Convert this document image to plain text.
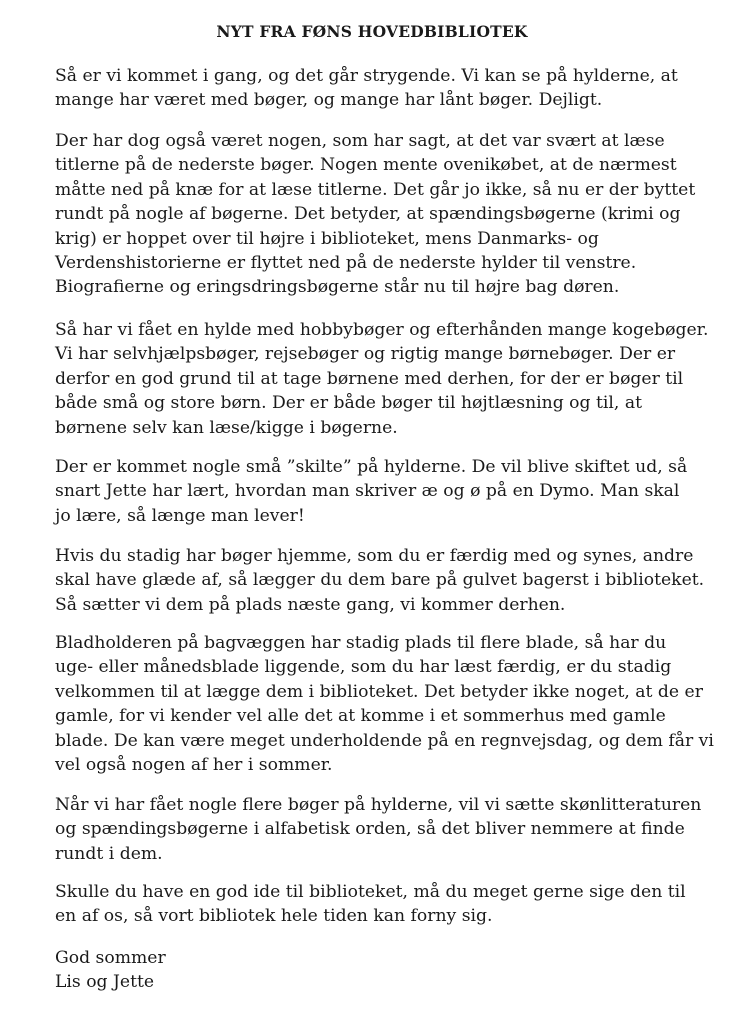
NYT FRA FØNS HOVEDBIBLIOTEK

Så er vi kommet i gang, og det går strygende. Vi kan se på hylderne, at
mange har været med bøger, og mange har lånt bøger. Dejligt.

Der har dog også været nogen, som har sagt, at det var svært at læse
titlerne på de nederste bøger. Nogen mente ovenikøbet, at de nærmest
måtte ned på knæ for at læse titlerne. Det går jo ikke, så nu er der byttet
rundt på nogle af bøgerne. Det betyder, at spændingsbøgerne (krimi og
krig) er hoppet over til højre i biblioteket, mens Danmarks- og
Verdenshistorierne er flyttet ned på de nederste hylder til venstre.
Biografierne og eringsdringsbøgerne står nu til højre bag døren.

Så har vi fået en hylde med hobbybøger og efterhånden mange kogebøger.
Vi har selvhjælpsbøger, rejsebøger og rigtig mange børnebøger. Der er
derfor en god grund til at tage børnene med derhen, for der er bøger til
både små og store børn. Der er både bøger til højtlæsning og til, at
børnene selv kan læse/kigge i bøgerne.

Der er kommet nogle små ”skilte” på hylderne. De vil blive skiftet ud, så
snart Jette har lært, hvordan man skriver æ og ø på en Dymo. Man skal
jo lære, så længe man lever!

Hvis du stadig har bøger hjemme, som du er færdig med og synes, andre
skal have glæde af, så lægger du dem bare på gulvet bagerst i biblioteket.
Så sætter vi dem på plads næste gang, vi kommer derhen.

Bladholderen på bagvæggen har stadig plads til flere blade, så har du
uge- eller månedsblade liggende, som du har læst færdig, er du stadig
velkommen til at lægge dem i biblioteket. Det betyder ikke noget, at de er
gamle, for vi kender vel alle det at komme i et sommerhus med gamle
blade. De kan være meget underholdende på en regnvejsdag, og dem får vi
vel også nogen af her i sommer.

Når vi har fået nogle flere bøger på hylderne, vil vi sætte skønlitteraturen
og spændingsbøgerne i alfabetisk orden, så det bliver nemmere at finde
rundt i dem.

Skulle du have en god ide til biblioteket, må du meget gerne sige den til
en af os, så vort bibliotek hele tiden kan forny sig.

God sommer
Lis og Jette
